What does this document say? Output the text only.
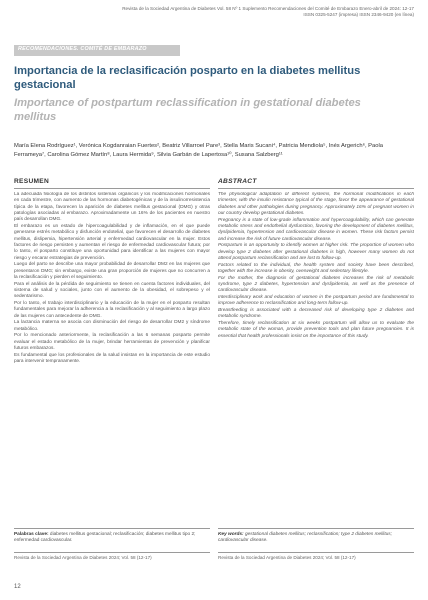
Revista de la Sociedad Argentina de Diabetes Vol. 58 Nº 1 Suplemento Recomendaciones del Comité de Embarazo Enero-abril de 2024: 12-17
ISSN 0325-5247 (impresa) ISSN 2346-9420 (en línea)
RECOMENDACIONES. COMITÉ DE EMBARAZO
Importancia de la reclasificación posparto en la diabetes mellitus gestacional
Importance of postpartum reclassification in gestational diabetes mellitus
María Elena Rodríguez¹, Verónica Kogdanraian Fuertes², Beatriz Villarroel Pare³, Stella Maris Sucani⁴, Patricia Mendiola⁵, Inés Argerich⁶, Paola Ferrameya⁷, Carolina Gómez Martín⁸, Laura Hermida⁹, Silvia Garbán de Lapertosa¹⁰, Susana Salzberg¹¹
RESUMEN

La adecuada fisiología de los distintos sistemas orgánicos y los modificaciones hormonales en cada trimestre, con aumento de las hormonas diabetogénicas y de la insulinorresistencia típica de la etapa, favorecen la aparición de diabetes mellitus gestacional (DMG) y otras patologías asociadas al embarazo. Aproximadamente un 16% de los pacientes en nuestro país desarrollan DMG.

El embarazo es un estado de hipercoagulabilidad y de inflamación, en el que puede generarse estrés metabólico y disfunción endotelial, que favorecen el desarrollo de diabetes mellitus, dislipemia, hipertensión arterial y enfermedad cardiovascular en la mujer. Estos factores de riesgo persisten y aumentan el riesgo de enfermedad cardiovascular futura; por lo tanto, el posparto constituye una oportunidad para identificar a las mujeres con mayor riesgo y encarar estrategias de prevención.

Luego del parto se describe una mayor probabilidad de desarrollar DM2 en las mujeres que presentaron DMG; sin embargo, existe una gran proporción de mujeres que no concurren a la reclasificación y pierden el seguimiento.

Para el análisis de la pérdida de seguimiento se tienen en cuenta factores individuales, del sistema de salud y sociales, junto con el aumento de la obesidad, el sobrepeso y el sedentarismo.

Por lo tanto, el trabajo interdisciplinario y la educación de la mujer en el posparto resultan fundamentales para mejorar la adherencia a la reclasificación y al seguimiento a largo plazo de las mujeres con antecedente de DMG.

La lactancia materna se asocia con disminución del riesgo de desarrollar DM2 y síndrome metabólico.

Por lo mencionado anteriormente, la reclasificación a las 6 semanas posparto permite evaluar el estado metabólico de la mujer, brindar herramientas de prevención y planificar futuros embarazos.

Es fundamental que los profesionales de la salud insistan en la importancia de este estudio para intervenir tempranamente.

ABSTRACT

The physiological adaptation of different systems, the hormonal modifications in each trimester, with the insulin resistance typical of the stage, favor the appearance of gestational diabetes and other pathologies during pregnancy. Approximately 16% of pregnant women in our country develop gestational diabetes.

Pregnancy is a state of low-grade inflammation and hypercoagulability, which can generate metabolic stress and endothelial dysfunction, favoring the development of diabetes mellitus, dyslipidemia, hypertension and cardiovascular disease in women. These risk factors persist and increase the risk of future cardiovascular disease.

Postpartum is an opportunity to identify women at higher risk. The proportion of women who develop type 2 diabetes after gestational diabetes is high, however many women do not attend postpartum reclassification and are lost to follow-up.

Factors related to the individual, the health system and society have been described, together with the increase in obesity, overweight and sedentary lifestyle.

For the mother, the diagnosis of gestational diabetes increases the risk of metabolic syndrome, type 2 diabetes, hypertension and dyslipidemia, as well as the presence of cardiovascular disease.

Interdisciplinary work and education of women in the postpartum period are fundamental to improve adherence to reclassification and long-term follow-up.

Breastfeeding is associated with a decreased risk of developing type 2 diabetes and metabolic syndrome.

Therefore, timely reclassification at six weeks postpartum will allow us to evaluate the metabolic state of the woman, provide prevention tools and plan future pregnancies. It is essential that health professionals insist on the importance of this study.

Palabras clave: diabetes mellitus gestacional; reclasificación; diabetes mellitus tipo 2; enfermedad cardiovascular.
Key words: gestational diabetes mellitus; reclassification; type 2 diabetes mellitus; cardiovascular disease.
Revista de la Sociedad Argentina de Diabetes 2024; Vol. 58 (12-17)	Revista de la Sociedad Argentina de Diabetes 2024; Vol. 58 (12-17)
12
